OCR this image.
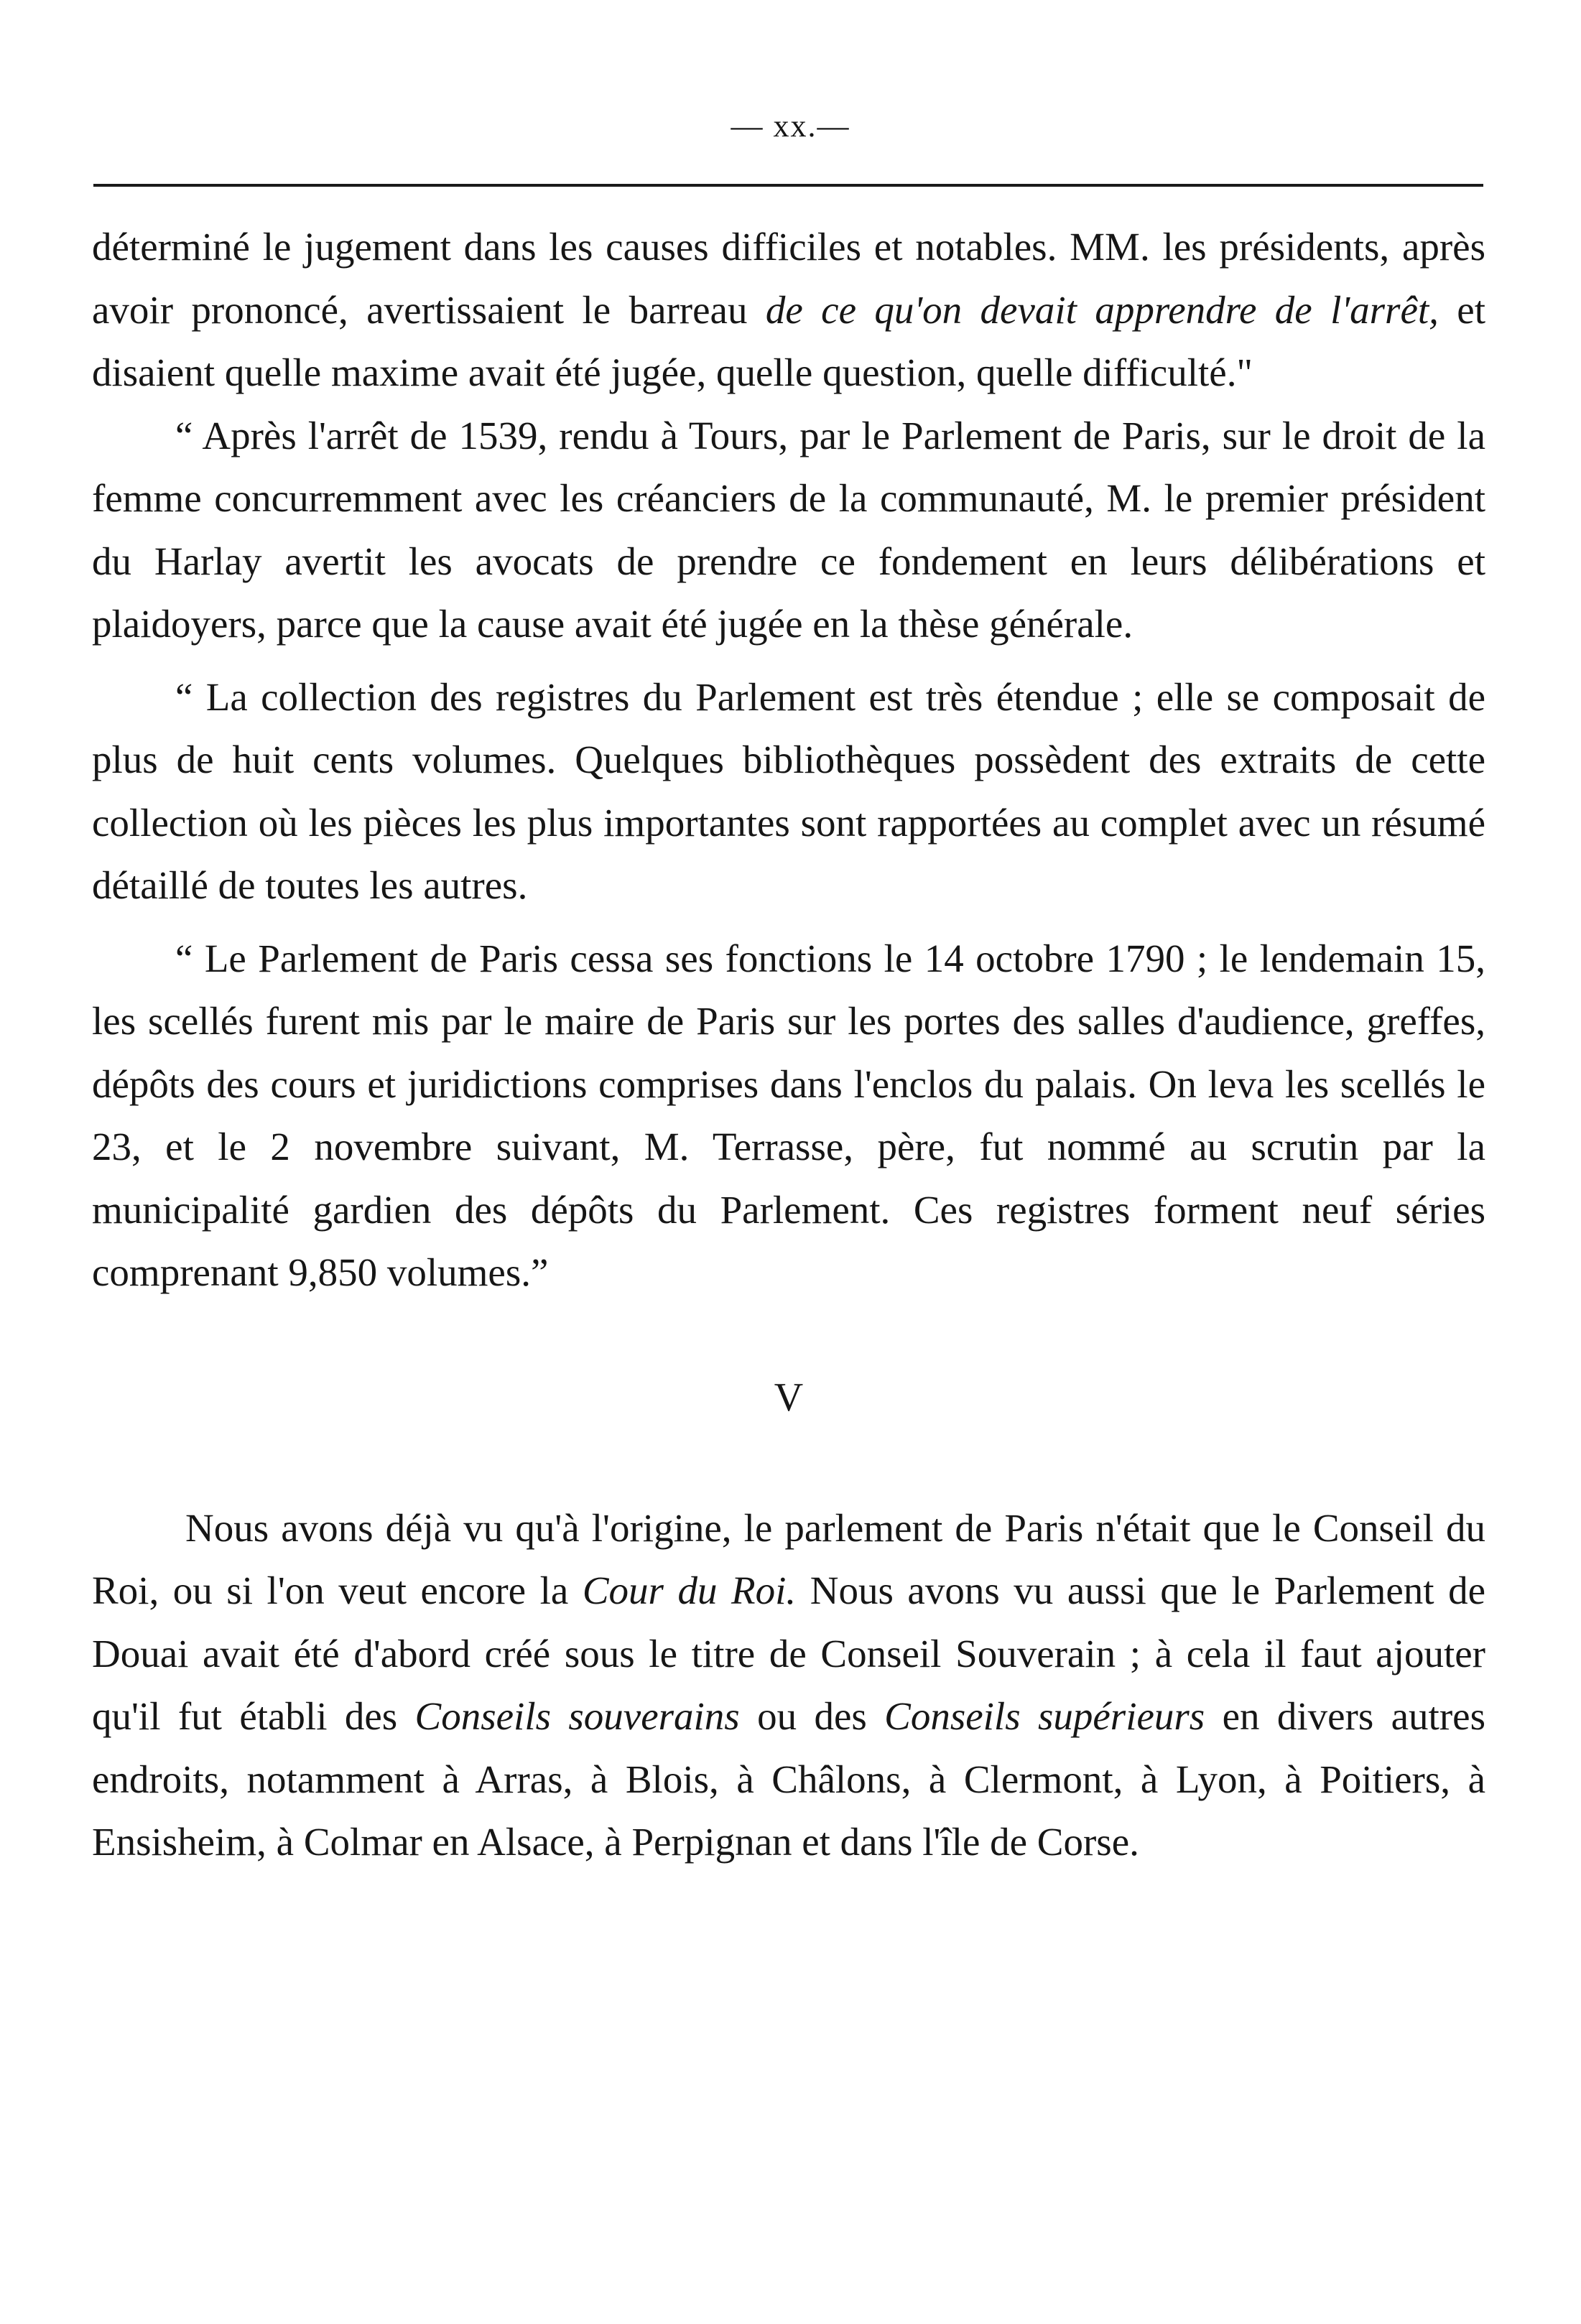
— xx.—

déterminé le jugement dans les causes difficiles et notables. MM. les présidents, après avoir prononcé, avertissaient le barreau de ce qu'on devait apprendre de l'arrêt, et disaient quelle maxime avait été jugée, quelle question, quelle difficulté."

“ Après l'arrêt de 1539, rendu à Tours, par le Parlement de Paris, sur le droit de la femme concurremment avec les créanciers de la communauté, M. le premier président du Harlay avertit les avocats de prendre ce fondement en leurs délibérations et plaidoyers, parce que la cause avait été jugée en la thèse générale.

“ La collection des registres du Parlement est très étendue ; elle se composait de plus de huit cents volumes. Quelques bibliothèques possèdent des extraits de cette collection où les pièces les plus importantes sont rapportées au complet avec un résumé détaillé de toutes les autres.

“ Le Parlement de Paris cessa ses fonctions le 14 octobre 1790 ; le lendemain 15, les scellés furent mis par le maire de Paris sur les portes des salles d'audience, greffes, dépôts des cours et juridictions comprises dans l'enclos du palais. On leva les scellés le 23, et le 2 novembre suivant, M. Terrasse, père, fut nommé au scrutin par la municipalité gardien des dépôts du Parlement. Ces registres forment neuf séries comprenant 9,850 volumes.”

V

Nous avons déjà vu qu'à l'origine, le parlement de Paris n'était que le Conseil du Roi, ou si l'on veut encore la Cour du Roi. Nous avons vu aussi que le Parlement de Douai avait été d'abord créé sous le titre de Conseil Souverain ; à cela il faut ajouter qu'il fut établi des Conseils souverains ou des Conseils supérieurs en divers autres endroits, notamment à Arras, à Blois, à Châlons, à Clermont, à Lyon, à Poitiers, à Ensisheim, à Colmar en Alsace, à Perpignan et dans l'île de Corse.
